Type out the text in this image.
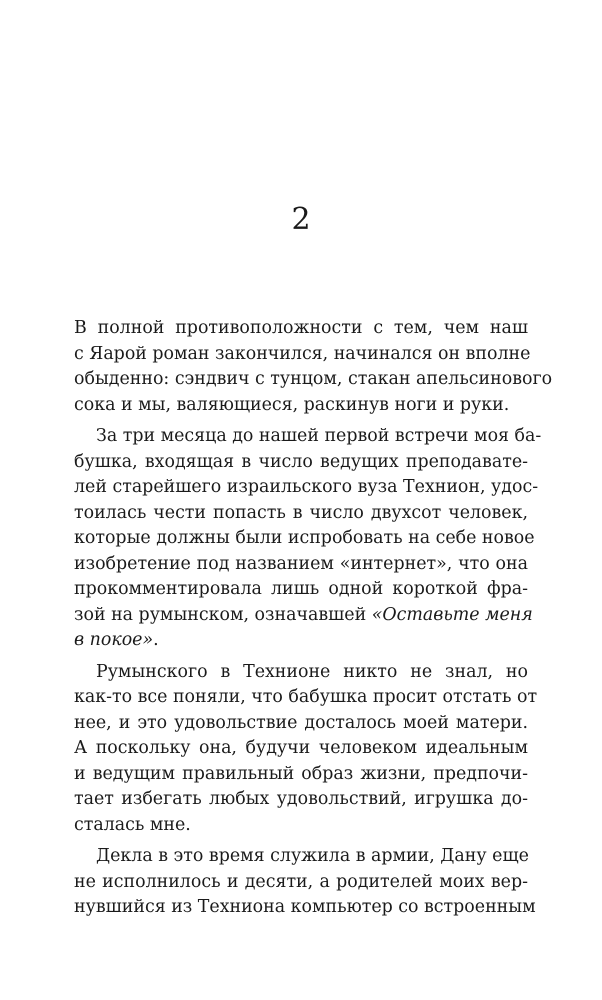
2
В полной противоположности с тем, чем наш
с Яарой роман закончился, начинался он вполне
обыденно: сэндвич с тунцом, стакан апельсинового
сока и мы, валяющиеся, раскинув ноги и руки.
За три месяца до нашей первой встречи моя ба-
бушка, входящая в число ведущих преподавате-
лей старейшего израильского вуза Технион, удос-
тоилась чести попасть в число двухсот человек,
которые должны были испробовать на себе новое
изобретение под названием «интернет», что она
прокомментировала лишь одной короткой фра-
зой на румынском, означавшей «Оставьте меня
в покое».
Румынского в Технионе никто не знал, но
как-то все поняли, что бабушка просит отстать от
нее, и это удовольствие досталось моей матери.
А поскольку она, будучи человеком идеальным
и ведущим правильный образ жизни, предпочи-
тает избегать любых удовольствий, игрушка до-
сталась мне.
Декла в это время служила в армии, Дану еще
не исполнилось и десяти, а родителей моих вер-
нувшийся из Техниона компьютер со встроенным
